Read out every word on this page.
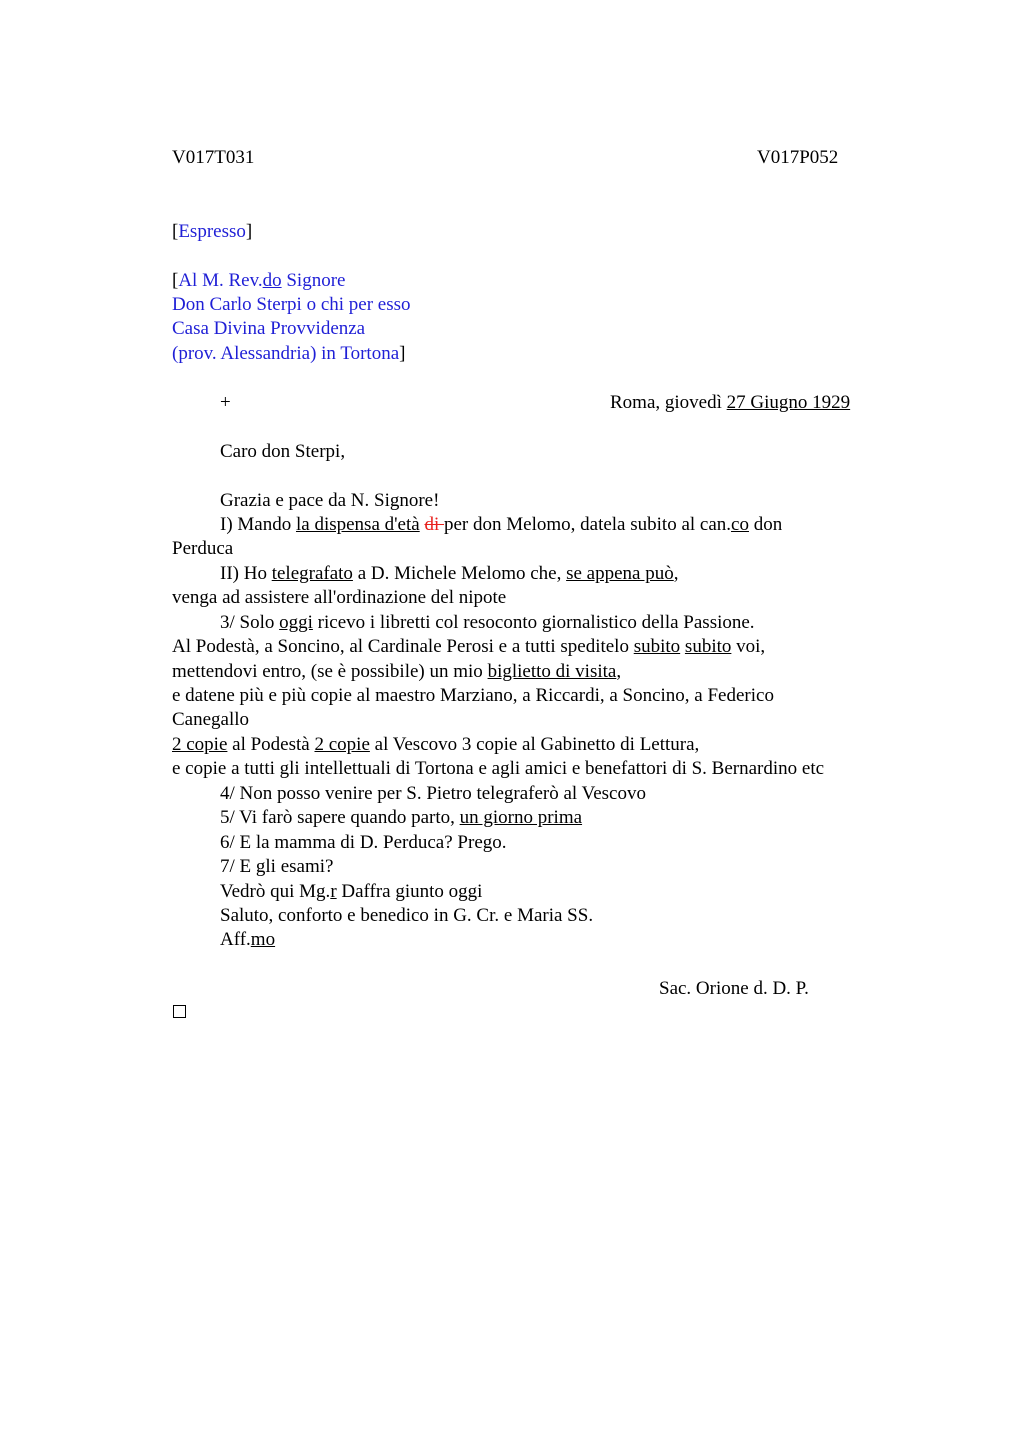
V017T031	V017P052
[Espresso]
[Al M. Rev.do Signore
Don Carlo Sterpi o chi per esso
Casa Divina Provvidenza
(prov. Alessandria) in Tortona]
+	Roma, giovedì 27 Giugno 1929
Caro don Sterpi,
Grazia e pace da N. Signore!
I) Mando la dispensa d'età di per don Melomo, datela subito al can.co don
Perduca
II) Ho telegrafato a D. Michele Melomo che, se appena può,
venga ad assistere all'ordinazione del nipote
3/ Solo oggi ricevo i libretti col resoconto giornalistico della Passione.
Al Podestà, a Soncino, al Cardinale Perosi e a tutti speditelo subito subito voi,
mettendovi entro, (se è possibile) un mio biglietto di visita,
e datene più e più copie al maestro Marziano, a Riccardi, a Soncino, a Federico
Canegallo
2 copie al Podestà 2 copie al Vescovo 3 copie al Gabinetto di Lettura,
e copie a tutti gli intellettuali di Tortona e agli amici e benefattori di S. Bernardino etc
4/ Non posso venire per S. Pietro telegraferò al Vescovo
5/ Vi farò sapere quando parto, un giorno prima
6/ E la mamma di D. Perduca? Prego.
7/ E gli esami?
Vedrò qui Mg.r Daffra giunto oggi
Saluto, conforto e benedico in G. Cr. e Maria SS.
Aff.mo
Sac. Orione d. D. P.
